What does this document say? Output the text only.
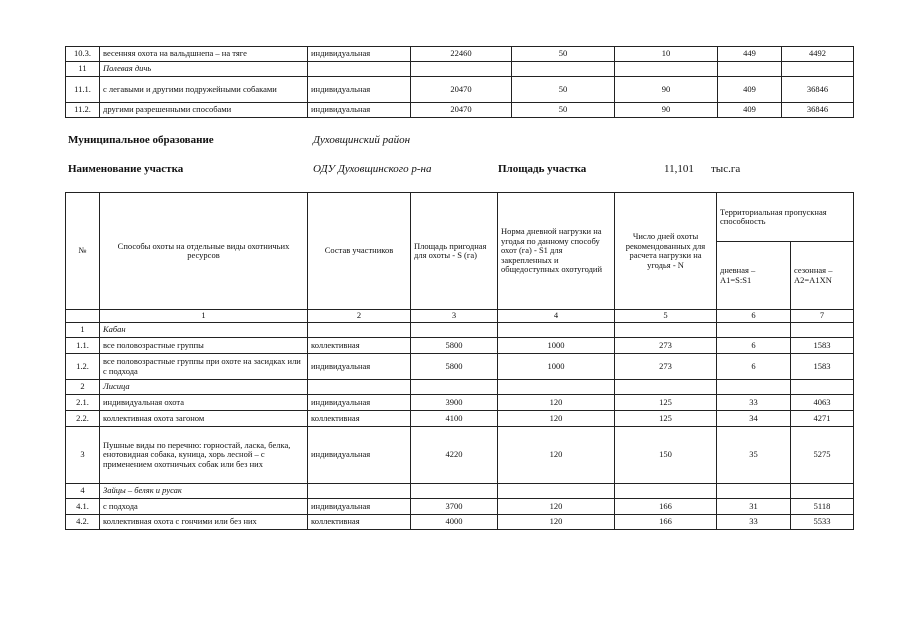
10.3.	весенняя охота на вальдшнепа – на тяге	индивидуальная	22460	50	10	449	4492
11	Полевая дичь						
11.1.	с легавыми и другими подружейными собаками	индивидуальная	20470	50	90	409	36846
11.2.	другими разрешенными способами	индивидуальная	20470	50	90	409	36846
Муниципальное образование	Духовщинский район
Наименование участка	ОДУ Духовщинского р-на	Площадь участка	11,101 тыс.га
№	Способы охоты на отдельные виды охотничьих ресурсов	Состав участников	Площадь пригодная для охоты - S (га)	Норма дневной нагрузки на угодья по данному способу охот (га) - S1 для закрепленных и общедоступных охотугодий	Число дней охоты рекомендованных для расчета нагрузки на угодья - N	Территориальная пропускная способность	
						дневная – A1=S:S1	сезонная – A2=A1XN
	1	2	3	4	5	6	7
1	Кабан						
1.1.	все половозрастные группы	коллективная	5800	1000	273	6	1583
1.2.	все половозрастные группы при охоте на засидках или с подхода	индивидуальная	5800	1000	273	6	1583
2	Лисица						
2.1.	индивидуальная охота	индивидуальная	3900	120	125	33	4063
2.2.	коллективная охота загоном	коллективная	4100	120	125	34	4271
3	Пушные виды по перечню: горностай, ласка, белка, енотовидная собака, куница, хорь лесной – с применением охотничьих собак или без них	индивидуальная	4220	120	150	35	5275
4	Зайцы – беляк и русак						
4.1.	с подхода	индивидуальная	3700	120	166	31	5118
4.2.	коллективная охота с гончими или без них	коллективная	4000	120	166	33	5533
